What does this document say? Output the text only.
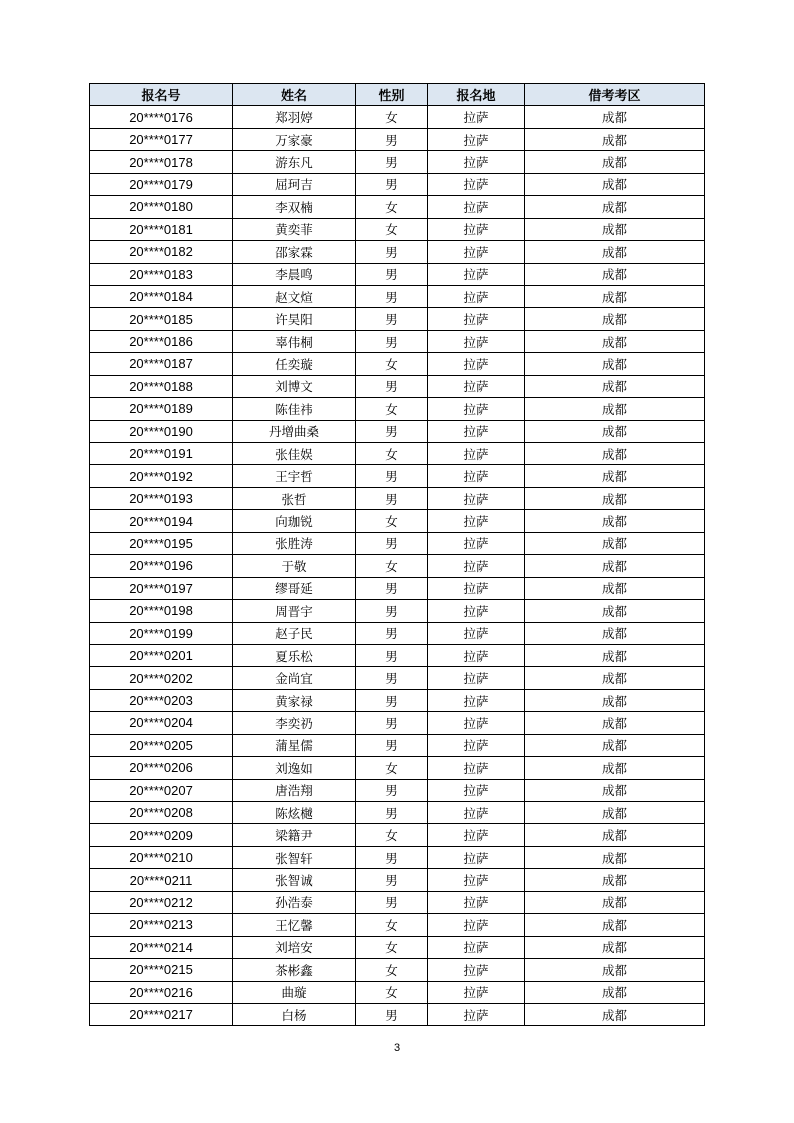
报名号	姓名	性别	报名地	借考考区
20****0176	郑羽婷	女	拉萨	成都
20****0177	万家豪	男	拉萨	成都
20****0178	游东凡	男	拉萨	成都
20****0179	屈珂吉	男	拉萨	成都
20****0180	李双楠	女	拉萨	成都
20****0181	黄奕菲	女	拉萨	成都
20****0182	邵家霖	男	拉萨	成都
20****0183	李晨鸣	男	拉萨	成都
20****0184	赵文煊	男	拉萨	成都
20****0185	许昊阳	男	拉萨	成都
20****0186	辜伟桐	男	拉萨	成都
20****0187	任奕璇	女	拉萨	成都
20****0188	刘博文	男	拉萨	成都
20****0189	陈佳祎	女	拉萨	成都
20****0190	丹增曲桑	男	拉萨	成都
20****0191	张佳娱	女	拉萨	成都
20****0192	王宇哲	男	拉萨	成都
20****0193	张哲	男	拉萨	成都
20****0194	向珈锐	女	拉萨	成都
20****0195	张胜涛	男	拉萨	成都
20****0196	于敬	女	拉萨	成都
20****0197	缪哥延	男	拉萨	成都
20****0198	周晋宇	男	拉萨	成都
20****0199	赵子民	男	拉萨	成都
20****0201	夏乐松	男	拉萨	成都
20****0202	金尚宜	男	拉萨	成都
20****0203	黄家禄	男	拉萨	成都
20****0204	李奕礽	男	拉萨	成都
20****0205	蒲星儒	男	拉萨	成都
20****0206	刘逸如	女	拉萨	成都
20****0207	唐浩翔	男	拉萨	成都
20****0208	陈炫樾	男	拉萨	成都
20****0209	梁籍尹	女	拉萨	成都
20****0210	张智轩	男	拉萨	成都
20****0211	张智诚	男	拉萨	成都
20****0212	孙浩泰	男	拉萨	成都
20****0213	王忆馨	女	拉萨	成都
20****0214	刘培安	女	拉萨	成都
20****0215	茶彬鑫	女	拉萨	成都
20****0216	曲璇	女	拉萨	成都
20****0217	白杨	男	拉萨	成都
3
